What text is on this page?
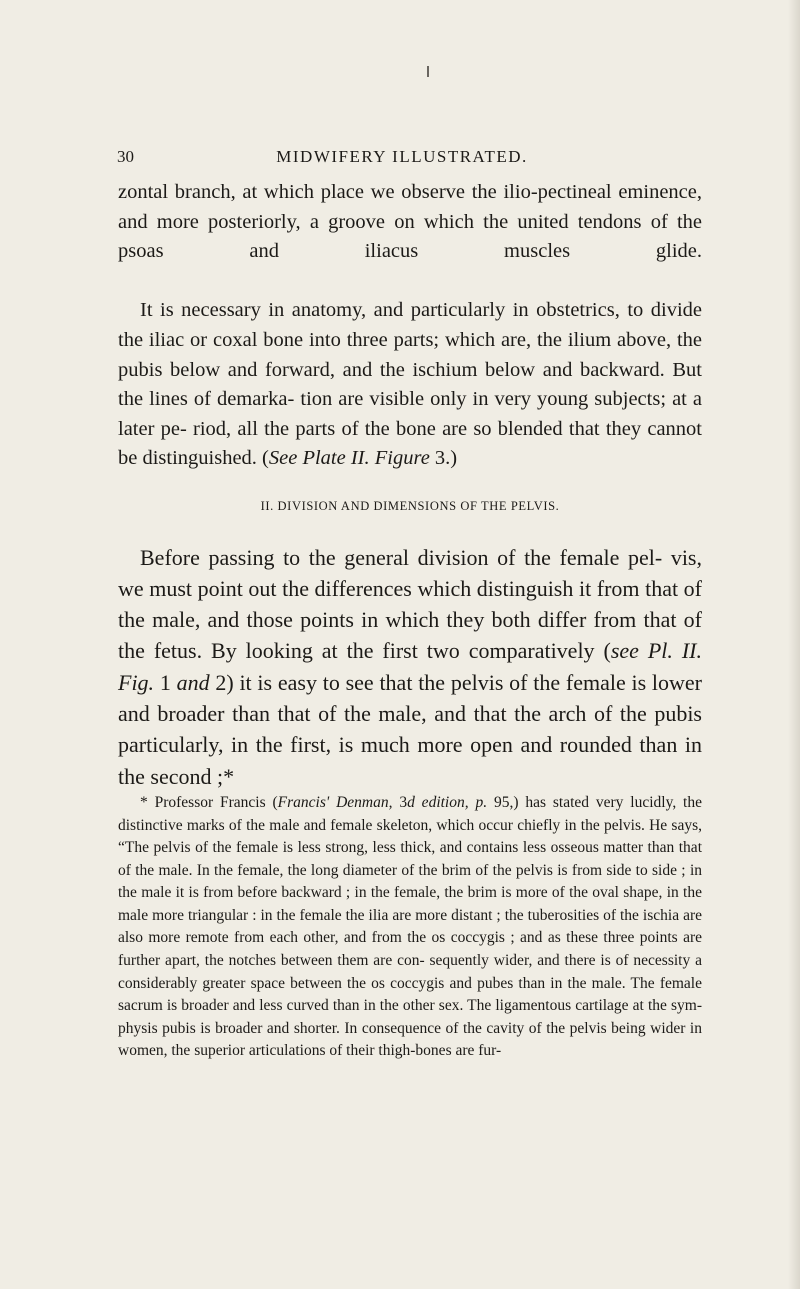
30	MIDWIFERY ILLUSTRATED.

zontal branch, at which place we observe the ilio-pectineal eminence, and more posteriorly, a groove on which the united tendons of the psoas and iliacus muscles glide.

It is necessary in anatomy, and particularly in obstetrics, to divide the iliac or coxal bone into three parts; which are, the ilium above, the pubis below and forward, and the ischium below and backward. But the lines of demarka- tion are visible only in very young subjects; at a later pe- riod, all the parts of the bone are so blended that they cannot be distinguished. (See Plate II. Figure 3.)

II. DIVISION AND DIMENSIONS OF THE PELVIS.

Before passing to the general division of the female pel- vis, we must point out the differences which distinguish it from that of the male, and those points in which they both differ from that of the fetus. By looking at the first two comparatively (see Pl. II. Fig. 1 and 2) it is easy to see that the pelvis of the female is lower and broader than that of the male, and that the arch of the pubis particularly, in the first, is much more open and rounded than in the second ;*

* Professor Francis (Francis' Denman, 3d edition, p. 95,) has stated very lucidly, the distinctive marks of the male and female skeleton, which occur chiefly in the pelvis. He says, “The pelvis of the female is less strong, less thick, and contains less osseous matter than that of the male. In the female, the long diameter of the brim of the pelvis is from side to side ; in the male it is from before backward ; in the female, the brim is more of the oval shape, in the male more triangular : in the female the ilia are more distant ; the tuberosities of the ischia are also more remote from each other, and from the os coccygis ; and as these three points are further apart, the notches between them are con- sequently wider, and there is of necessity a considerably greater space between the os coccygis and pubes than in the male. The female sacrum is broader and less curved than in the other sex. The ligamentous cartilage at the sym- physis pubis is broader and shorter. In consequence of the cavity of the pelvis being wider in women, the superior articulations of their thigh-bones are fur-
